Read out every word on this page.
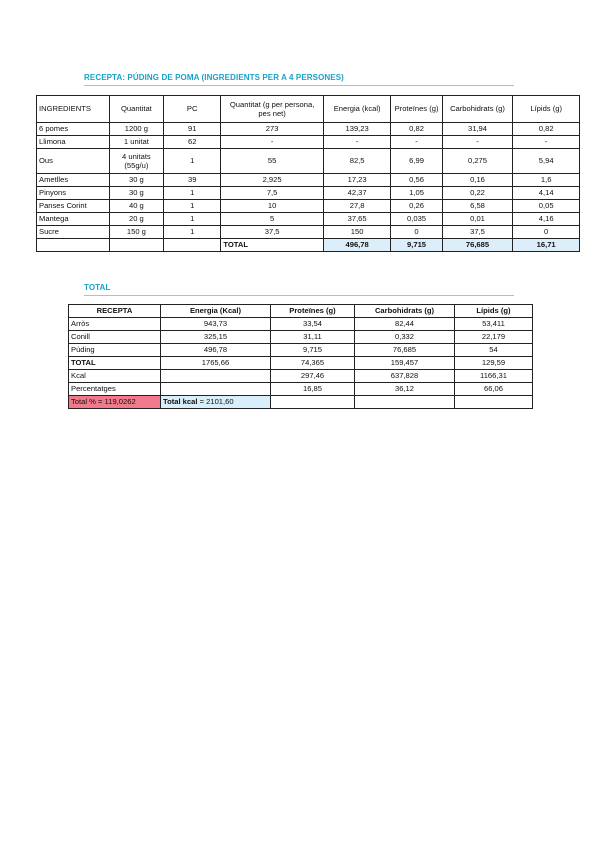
RECEPTA: PÚDING DE POMA (INGREDIENTS PER A 4 PERSONES)
INGREDIENTS	Quantitat	PC	Quantitat (g per persona, pes net)	Energia (kcal)	Proteïnes (g)	Carbohidrats (g)	Lípids (g)
6 pomes	1200 g	91	273	139,23	0,82	31,94	0,82
Llimona	1 unitat	62	-	-	-	-	-
Ous	4 unitats (55g/u)	1	55	82,5	6,99	0,275	5,94
Ametlles	30 g	39	2,925	17,23	0,56	0,16	1,6
Pinyons	30 g	1	7,5	42,37	1,05	0,22	4,14
Panses Corint	40 g	1	10	27,8	0,26	6,58	0,05
Mantega	20 g	1	5	37,65	0,035	0,01	4,16
Sucre	150 g	1	37,5	150	0	37,5	0
			TOTAL	496,78	9,715	76,685	16,71
TOTAL
RECEPTA	Energia (Kcal)	Proteïnes (g)	Carbohidrats (g)	Lípids (g)
Arròs	943,73	33,54	82,44	53,411
Conill	325,15	31,11	0,332	22,179
Púding	496,78	9,715	76,685	54
TOTAL	1765,66	74,365	159,457	129,59
Kcal		297,46	637,828	1166,31
Percentatges		16,85	36,12	66,06
Total % = 119,0262	Total kcal = 2101,60			
